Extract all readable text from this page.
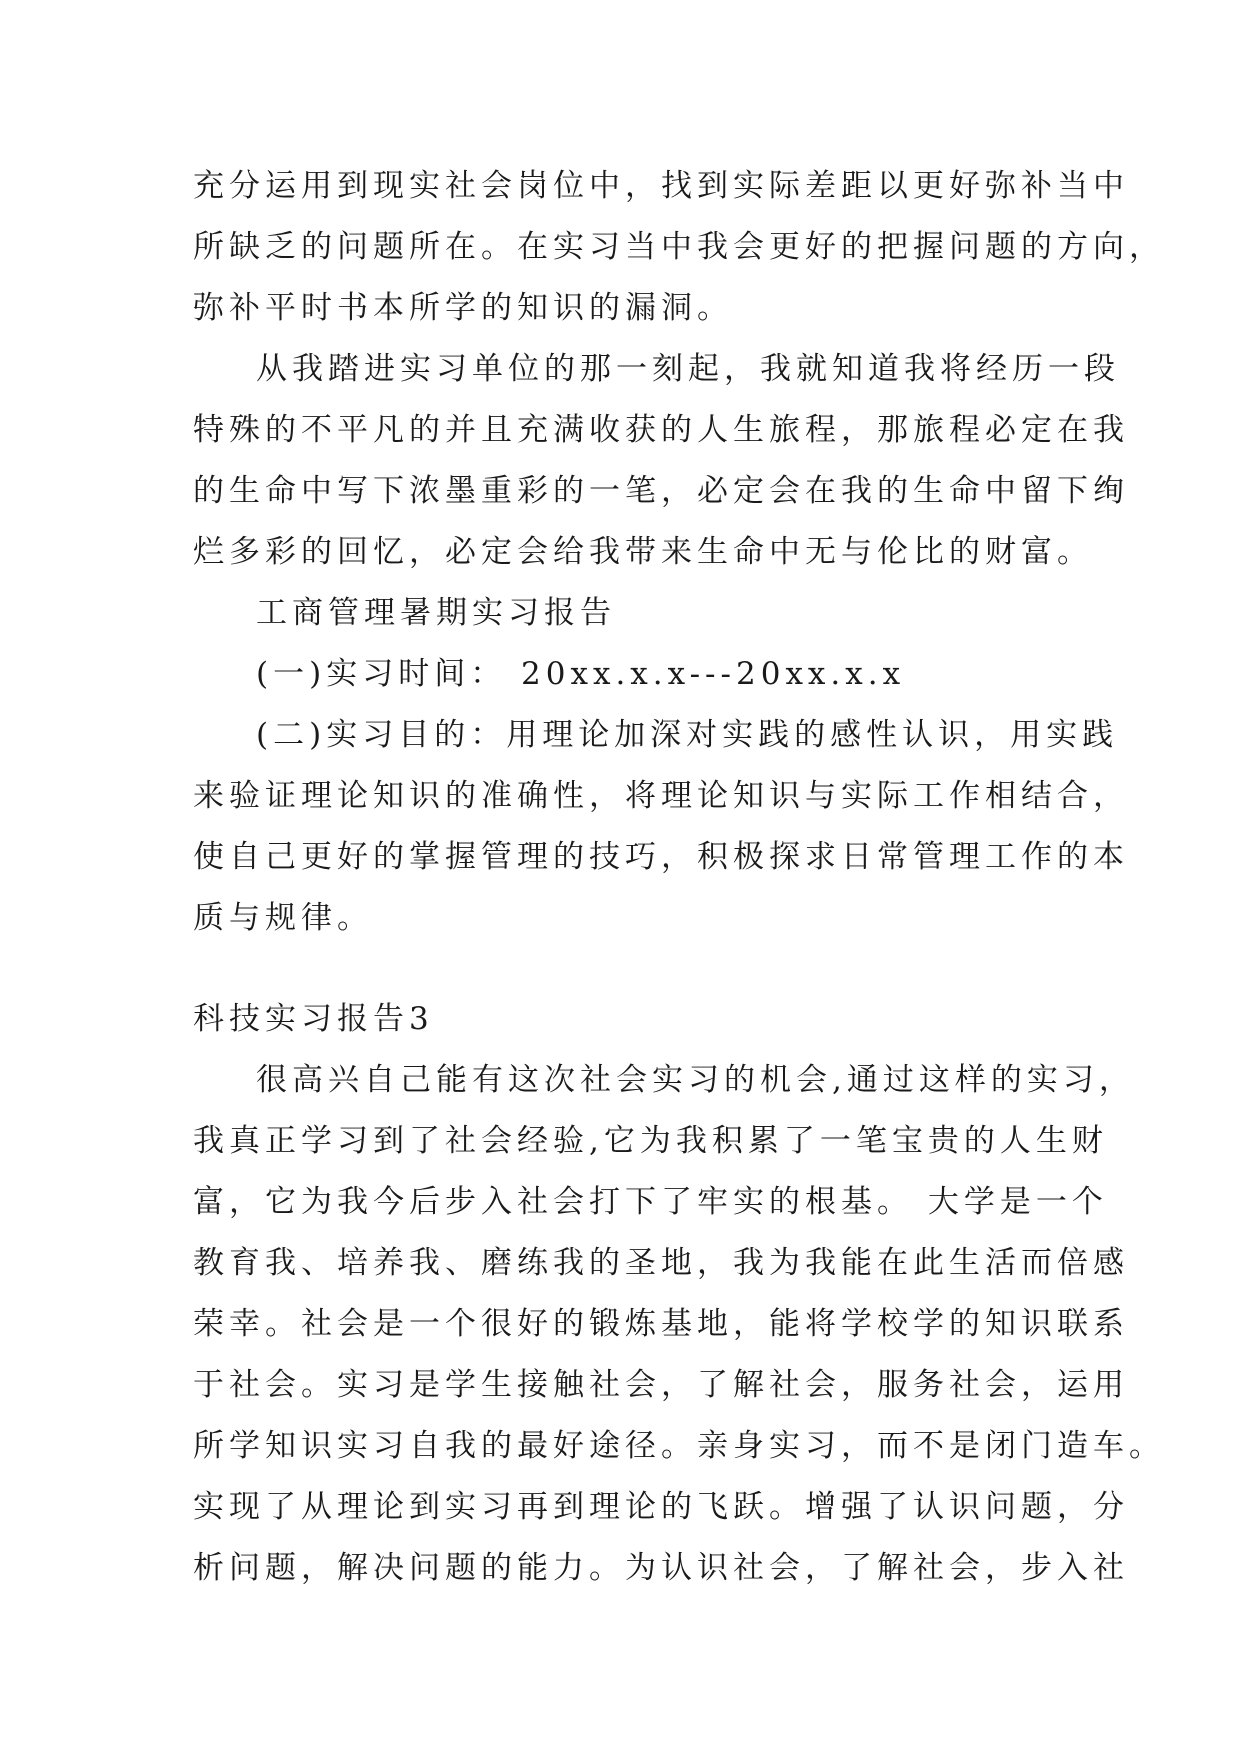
充分运用到现实社会岗位中，找到实际差距以更好弥补当中
所缺乏的问题所在。在实习当中我会更好的把握问题的方向，
弥补平时书本所学的知识的漏洞。
从我踏进实习单位的那一刻起，我就知道我将经历一段
特殊的不平凡的并且充满收获的人生旅程，那旅程必定在我
的生命中写下浓墨重彩的一笔，必定会在我的生命中留下绚
烂多彩的回忆，必定会给我带来生命中无与伦比的财富。
工商管理暑期实习报告
(一)实习时间： 20xx.x.x---20xx.x.x
(二)实习目的：用理论加深对实践的感性认识，用实践
来验证理论知识的准确性，将理论知识与实际工作相结合，
使自己更好的掌握管理的技巧，积极探求日常管理工作的本
质与规律。
科技实习报告3
很高兴自己能有这次社会实习的机会,通过这样的实习，
我真正学习到了社会经验,它为我积累了一笔宝贵的人生财
富，它为我今后步入社会打下了牢实的根基。 大学是一个
教育我、培养我、磨练我的圣地，我为我能在此生活而倍感
荣幸。社会是一个很好的锻炼基地，能将学校学的知识联系
于社会。实习是学生接触社会，了解社会，服务社会，运用
所学知识实习自我的最好途径。亲身实习，而不是闭门造车。
实现了从理论到实习再到理论的飞跃。增强了认识问题，分
析问题，解决问题的能力。为认识社会，了解社会，步入社
